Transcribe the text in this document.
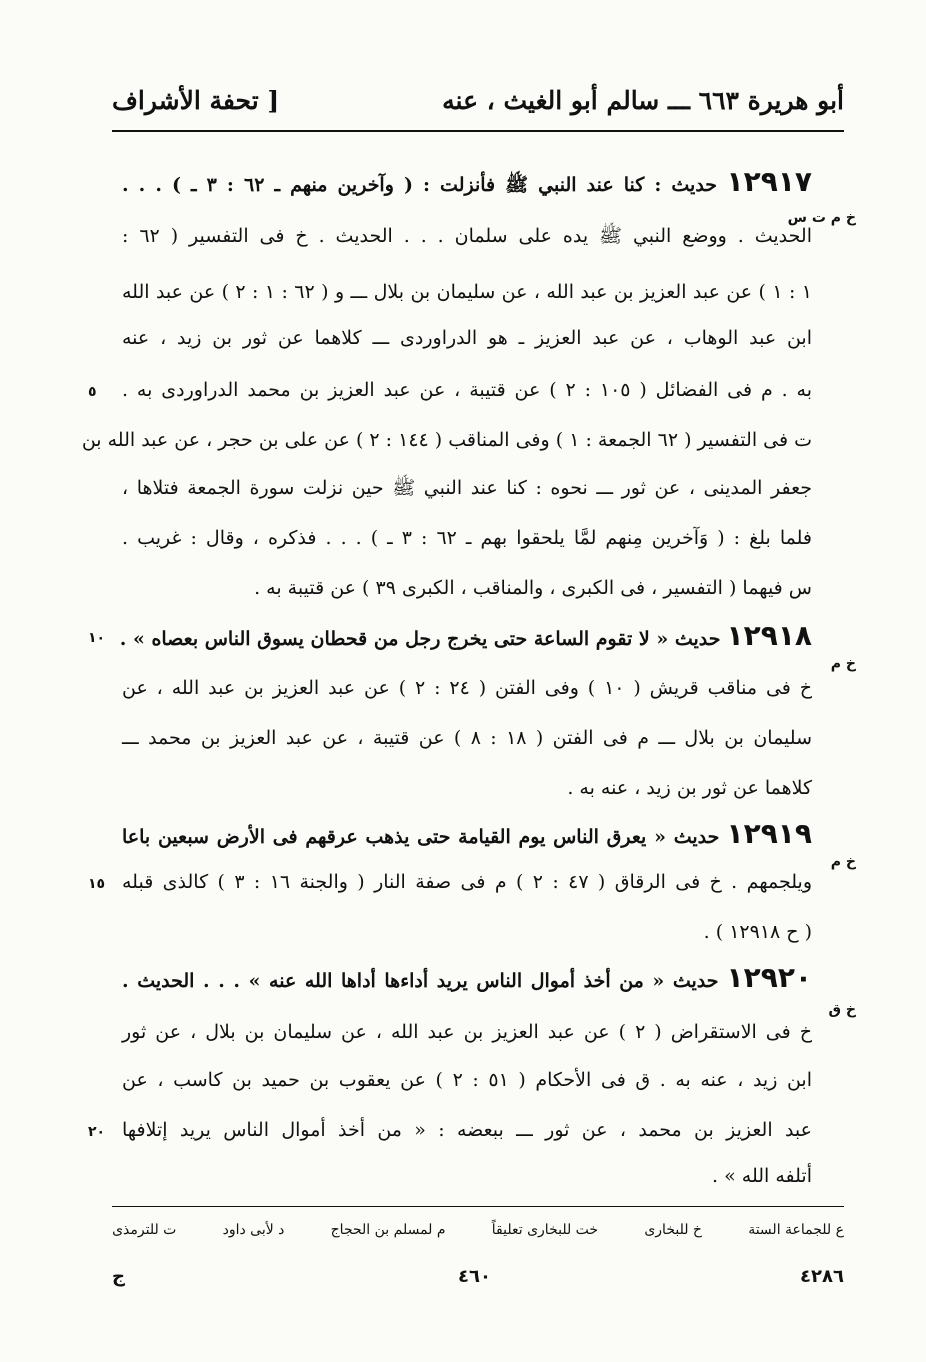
أبو هريرة ٦٦٣ ـــ سالم أبو الغيث ، عنه
[ تحفة الأشراف
١٢٩١٧ حديث : كنا عند النبي ﷺ فأنزلت : ( وآخرين منهم ـ ٦٢ : ٣ ـ ) . . .
خ م ت س
الحديث . ووضع النبي ﷺ يده على سلمان . . . الحديث . خ فى التفسير ( ٦٢ :
١ : ١ ) عن عبد العزيز بن عبد الله ، عن سليمان بن بلال ـــ و ( ٦٢ : ١ : ٢ ) عن عبد الله
ابن عبد الوهاب ، عن عبد العزيز ـ هو الدراوردى ـــ كلاهما عن ثور بن زيد ، عنه
به . م فى الفضائل ( ١٠٥ : ٢ ) عن قتيبة ، عن عبد العزيز بن محمد الدراوردى به .
ت فى التفسير ( ٦٢ الجمعة : ١ ) وفى المناقب ( ١٤٤ : ٢ ) عن على بن حجر ، عن عبد الله بن
جعفر المدينى ، عن ثور ـــ نحوه : كنا عند النبي ﷺ حين نزلت سورة الجمعة فتلاها ،
فلما بلغ : ( وَآخرين مِنهم لمَّا يلحقوا بهم ـ ٦٢ : ٣ ـ ) . . . فذكره ، وقال : غريب .
س فيهما ( التفسير ، فى الكبرى ، والمناقب ، الكبرى ٣٩ ) عن قتيبة به .
١٢٩١٨ حديث « لا تقوم الساعة حتى يخرج رجل من قحطان يسوق الناس بعصاه » .
خ م
خ فى مناقب قريش ( ١٠ ) وفى الفتن ( ٢٤ : ٢ ) عن عبد العزيز بن عبد الله ، عن
سليمان بن بلال ـــ م فى الفتن ( ١٨ : ٨ ) عن قتيبة ، عن عبد العزيز بن محمد ـــ
كلاهما عن ثور بن زيد ، عنه به .
١٢٩١٩ حديث « يعرق الناس يوم القيامة حتى يذهب عرقهم فى الأرض سبعين باعا
خ م
ويلجمهم . خ فى الرقاق ( ٤٧ : ٢ ) م فى صفة النار ( والجنة ١٦ : ٣ ) كالذى قبله
( ح ١٢٩١٨ ) .
١٢٩٢٠ حديث « من أخذ أموال الناس يريد أداءها أداها الله عنه » . . . الحديث .
خ ق
خ فى الاستقراض ( ٢ ) عن عبد العزيز بن عبد الله ، عن سليمان بن بلال ، عن ثور
ابن زيد ، عنه به . ق فى الأحكام ( ٥١ : ٢ ) عن يعقوب بن حميد بن كاسب ، عن
عبد العزيز بن محمد ، عن ثور ـــ ببعضه : « من أخذ أموال الناس يريد إتلافها
أتلفه الله » .
٥
١٠
١٥
٢٠
ع للجماعة الستة
خ للبخارى
خت للبخارى تعليقاً
م لمسلم بن الحجاج
د لأبى داود
ت للترمذى
٤٢٨٦
٤٦٠
ج
